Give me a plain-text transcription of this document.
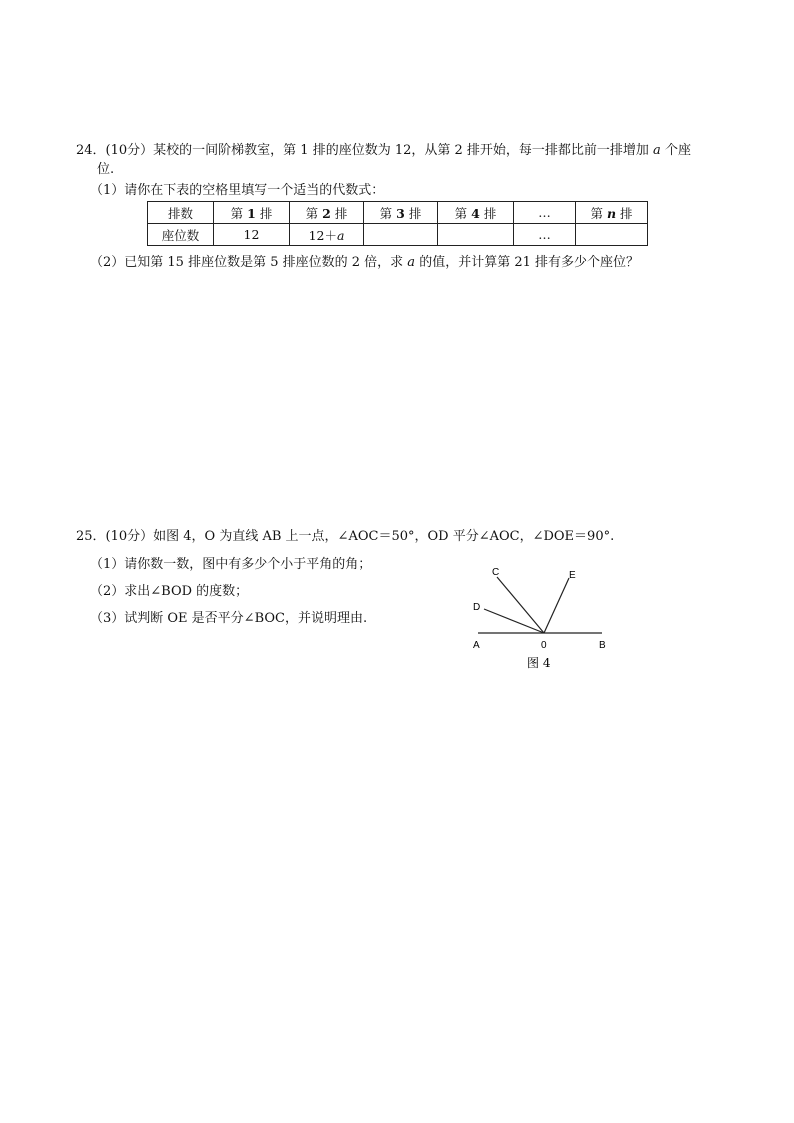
24．(10分）某校的一间阶梯教室，第 1 排的座位数为 12，从第 2 排开始，每一排都比前一排增加 a 个座
位.
（1）请你在下表的空格里填写一个适当的代数式：
排数	第 1 排	第 2 排	第 3 排	第 4 排	…	第 n 排
座位数	12	12＋a			…	
（2）已知第 15 排座位数是第 5 排座位数的 2 倍，求 a 的值，并计算第 21 排有多少个座位？
25．(10分）如图 4，O 为直线 AB 上一点，∠AOC＝50°，OD 平分∠AOC，∠DOE＝90°.
（1）请你数一数，图中有多少个小于平角的角；
（2）求出∠BOD 的度数；
（3）试判断 OE 是否平分∠BOC，并说明理由.
A	B
0
C
D
E
图 4
